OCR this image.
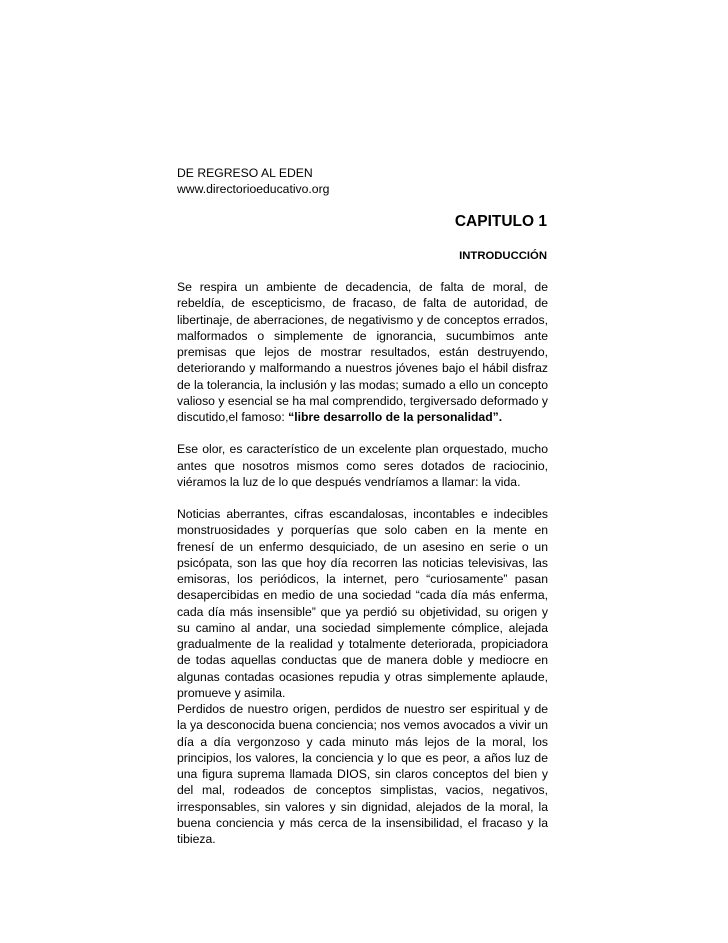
DE REGRESO AL EDEN
www.directorioeducativo.org
CAPITULO 1
INTRODUCCIÓN

Se respira un ambiente de decadencia, de falta de moral, de rebeldía, de escepticismo, de fracaso, de falta de autoridad, de libertinaje, de aberraciones, de negativismo y de conceptos errados, malformados o simplemente de ignorancia, sucumbimos ante premisas que lejos de mostrar resultados, están destruyendo, deteriorando y malformando a nuestros jóvenes bajo el hábil disfraz de la tolerancia, la inclusión y las modas; sumado a ello un concepto valioso y esencial se ha mal comprendido, tergiversado deformado y discutido,el famoso: “libre desarrollo de la personalidad”.

Ese olor, es característico de un excelente plan orquestado, mucho antes que nosotros mismos como seres dotados de raciocinio, viéramos la luz de lo que después vendríamos a llamar: la vida.

Noticias aberrantes, cifras escandalosas, incontables e indecibles monstruosidades y porquerías que solo caben en la mente en frenesí de un enfermo desquiciado, de un asesino en serie o un psicópata, son las que hoy día recorren las noticias televisivas, las emisoras, los periódicos, la internet, pero “curiosamente” pasan desapercibidas en medio de una sociedad “cada día más enferma, cada día más insensible” que ya perdió su objetividad, su origen y su camino al andar, una sociedad simplemente cómplice, alejada gradualmente de la realidad y totalmente deteriorada, propiciadora de todas aquellas conductas que de manera doble y mediocre en algunas contadas ocasiones repudia y otras simplemente aplaude, promueve y asimila.

Perdidos de nuestro origen, perdidos de nuestro ser espiritual y de la ya desconocida buena conciencia; nos vemos avocados a vivir un día a día vergonzoso y cada minuto más lejos de la moral, los principios, los valores, la conciencia y lo que es peor, a años luz de una figura suprema llamada DIOS, sin claros conceptos del bien y del mal, rodeados de conceptos simplistas, vacios, negativos, irresponsables, sin valores y sin dignidad, alejados de la moral, la buena conciencia y más cerca de la insensibilidad, el fracaso y la tibieza.
